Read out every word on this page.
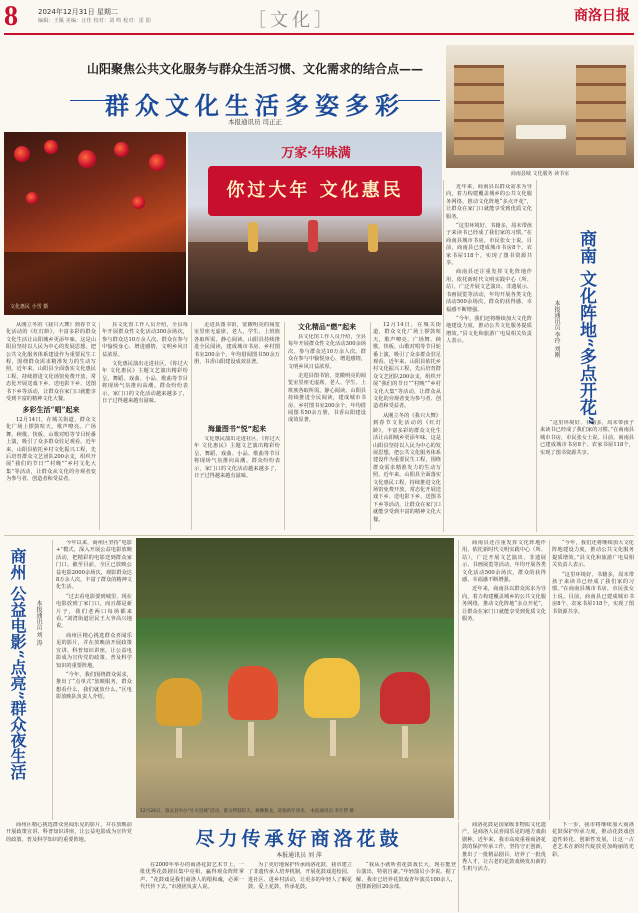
8	2024年12月31日 星期二
编辑：王佩 美编：汪佳 校对：刘 鸣 校对：雷 阳	［文化］	商洛日报
山阳聚焦公共文化服务与群众生活习惯、文化需求的结合点——
群众文化生活多姿多彩
本报通讯员 司正正
文化惠民 小雪 摄
万家·年味满
你过大年 文化惠民
商南县城 文化服务 读书室

从刚立冬的《我只大舞》到春节文化活动的《红灯龄》，丰富多彩的群众文化生活让山阳城乡更添年味。这是山阳县坚持以人民为中心的发展思想，把公共文化服务体系建设作为重要民生工程，围绕群众需求精准发力的生动写照。近年来，山阳县全面落实文化惠民工程，持续推进文化场馆免费开放，常态化开展送戏下乡、送电影下乡、送图书下乡等活动，让群众在家门口就能享受到丰富的精神文化大餐。

多彩生活“唱”起来

12月14日，在城关街道，群众文化广场上锣鼓喧天，歌声嘹亮。广场舞、秧歌、快板、山歌对唱等节目轮番上演，吸引了众多群众驻足观看。近年来，山阳县依托乡村文化振兴工程，先后培育群众文艺团队200余支，组织开展“我们的节日”“村晚”“乡村文化大集”等活动，让群众从文化的旁观者变为参与者、创造者和受益者。

县文化馆工作人员介绍，全县每年开展群众性文化活动300余场次，参与群众达10万余人次。群众在参与中愉悦身心、增进感情，文明乡风日益浓厚。

文化惠民演出走进社区，《你过大年 文化惠民》主题文艺演出精彩纷呈，舞蹈、戏曲、小品、歌曲等节目将现场气氛推向高潮。群众纷纷表示，家门口的文化活动越来越多了，日子过得越来越有滋味。

走进县图书馆，宽敞明亮的阅览室里座无虚席，老人、学生、上班族各取所需，静心阅读。山阳县持续推进全民阅读，建成城市书房、乡村图书室200余个，年均借阅图书50余万册，书香山阳建设成效显著。

海量图书“悦”起来

文化惠民演出走进社区，《你过大年 文化惠民》主题文艺演出精彩纷呈，舞蹈、戏曲、小品、歌曲等节目将现场气氛推向高潮。群众纷纷表示，家门口的文化活动越来越多了，日子过得越来越有滋味。

文化精品“燃”起来

县文化馆工作人员介绍，全县每年开展群众性文化活动300余场次，参与群众达10万余人次。群众在参与中愉悦身心、增进感情，文明乡风日益浓厚。

走进县图书馆，宽敞明亮的阅览室里座无虚席，老人、学生、上班族各取所需，静心阅读。山阳县持续推进全民阅读，建成城市书房、乡村图书室200余个，年均借阅图书50余万册，书香山阳建设成效显著。

12月14日，在城关街道，群众文化广场上锣鼓喧天，歌声嘹亮。广场舞、秧歌、快板、山歌对唱等节目轮番上演，吸引了众多群众驻足观看。近年来，山阳县依托乡村文化振兴工程，先后培育群众文艺团队200余支，组织开展“我们的节日”“村晚”“乡村文化大集”等活动，让群众从文化的旁观者变为参与者、创造者和受益者。

从刚立冬的《我只大舞》到春节文化活动的《红灯龄》，丰富多彩的群众文化生活让山阳城乡更添年味。这是山阳县坚持以人民为中心的发展思想，把公共文化服务体系建设作为重要民生工程，围绕群众需求精准发力的生动写照。近年来，山阳县全面落实文化惠民工程，持续推进文化场馆免费开放，常态化开展送戏下乡、送电影下乡、送图书下乡等活动，让群众在家门口就能享受到丰富的精神文化大餐。

近年来，商南县以群众需求为导向，着力构建覆盖城乡的公共文化服务网络，推动文化阵地“多点开花”，让群众在家门口就能享受到优质文化服务。

“这里环境好、书籍多，周末带孩子来读书已经成了我们家的习惯。”在商南县城市书房，市民张女士说。目前，商南县已建成城市书房8个、农家书屋118个，实现了图书资源共享。

商南县还注重发挥文化阵地作用，依托新时代文明实践中心（所、站），广泛开展文艺演出、非遗展示、书画展览等活动，年均开展各类文化活动500余场次，群众的获得感、幸福感不断增强。

“今年，我们还将继续加大文化阵地建设力度，推动公共文化服务提质增效。”县文化和旅游广电局相关负责人表示。	商南 文化阵地“多点开花”
本报通讯员 李玲 刘刚

“这里环境好、书籍多，周末带孩子来读书已经成了我们家的习惯。”在商南县城市书房，市民张女士说。目前，商南县已建成城市书房8个、农家书屋118个，实现了图书资源共享。

商州 公益电影“点亮”群众夜生活 本报通讯员 刘 涛

今年以来，商州区坚持“电影+”模式，深入开展公益电影放映活动，把精彩的电影送到群众家门口。截至目前，全区已放映公益电影2000余场次，观影群众达8万余人次，丰富了群众的精神文化生活。

“过去看电影要到城里，现在电影放到了家门口，而且都是新片子，我们老两口每场都来看。”刘湾街道居民王大爷高兴地说。

商州区精心挑选群众喜闻乐见的影片，并在放映前开展政策宣讲、科普知识讲座，让公益电影成为宣传党的政策、普及科学知识的重要阵地。

“今年，我们围绕群众需求，推出了“点单式”放映服务，群众想看什么，我们就放什么。”区电影放映队负责人介绍。

商州区精心挑选群众喜闻乐见的影片，并在放映前开展政策宣讲、科普知识讲座，让公益电影成为宣传党的政策、普及科学知识的重要阵地。

12月26日，镇安县举办“社火进城”活动，群众锣鼓喧天、舞狮舞龙，迎接新年到来。 本报通讯员 李仕帮 摄

商南县还注重发挥文化阵地作用，依托新时代文明实践中心（所、站），广泛开展文艺演出、非遗展示、书画展览等活动，年均开展各类文化活动500余场次，群众的获得感、幸福感不断增强。

近年来，商南县以群众需求为导向，着力构建覆盖城乡的公共文化服务网络，推动文化阵地“多点开花”，让群众在家门口就能享受到优质文化服务。

“今年，我们还将继续加大文化阵地建设力度，推动公共文化服务提质增效。”县文化和旅游广电局相关负责人表示。

“这里环境好、书籍多，周末带孩子来读书已经成了我们家的习惯。”在商南县城市书房，市民张女士说。目前，商南县已建成城市书房8个、农家书屋118个，实现了图书资源共享。

尽力传承好商洛花鼓
本报通讯员 刘 萍

在2000年举办的商洛花鼓艺术节上，一批优秀花鼓剧目集中亮相，赢得观众阵阵掌声。“花鼓戏是我们商洛人的根和魂，必须一代代传下去。”市剧团负责人说。

为了更好地保护传承商洛花鼓，我市建立了非遗传承人培养机制，开展花鼓戏进校园、进社区、进乡村活动，让更多的年轻人了解花鼓、爱上花鼓、传承花鼓。

“我从小就听着花鼓戏长大，现在能登台演出，特别自豪。”年轻演员小李说。据了解，我市已培养花鼓戏青年演员100余人，创排新剧目20余部。

商洛花鼓是国家级非物质文化遗产，是商洛人民喜闻乐见的地方戏曲剧种。近年来，我市高度重视商洛花鼓的保护传承工作，坚持守正创新，推出了一批精品剧目，培养了一批优秀人才，让古老的花鼓戏焕发出新的生机与活力。

下一步，我市将继续加大商洛花鼓保护传承力度，推动花鼓戏创造性转化、创新性发展，让这一古老艺术在新时代绽放更加绚丽的光彩。
